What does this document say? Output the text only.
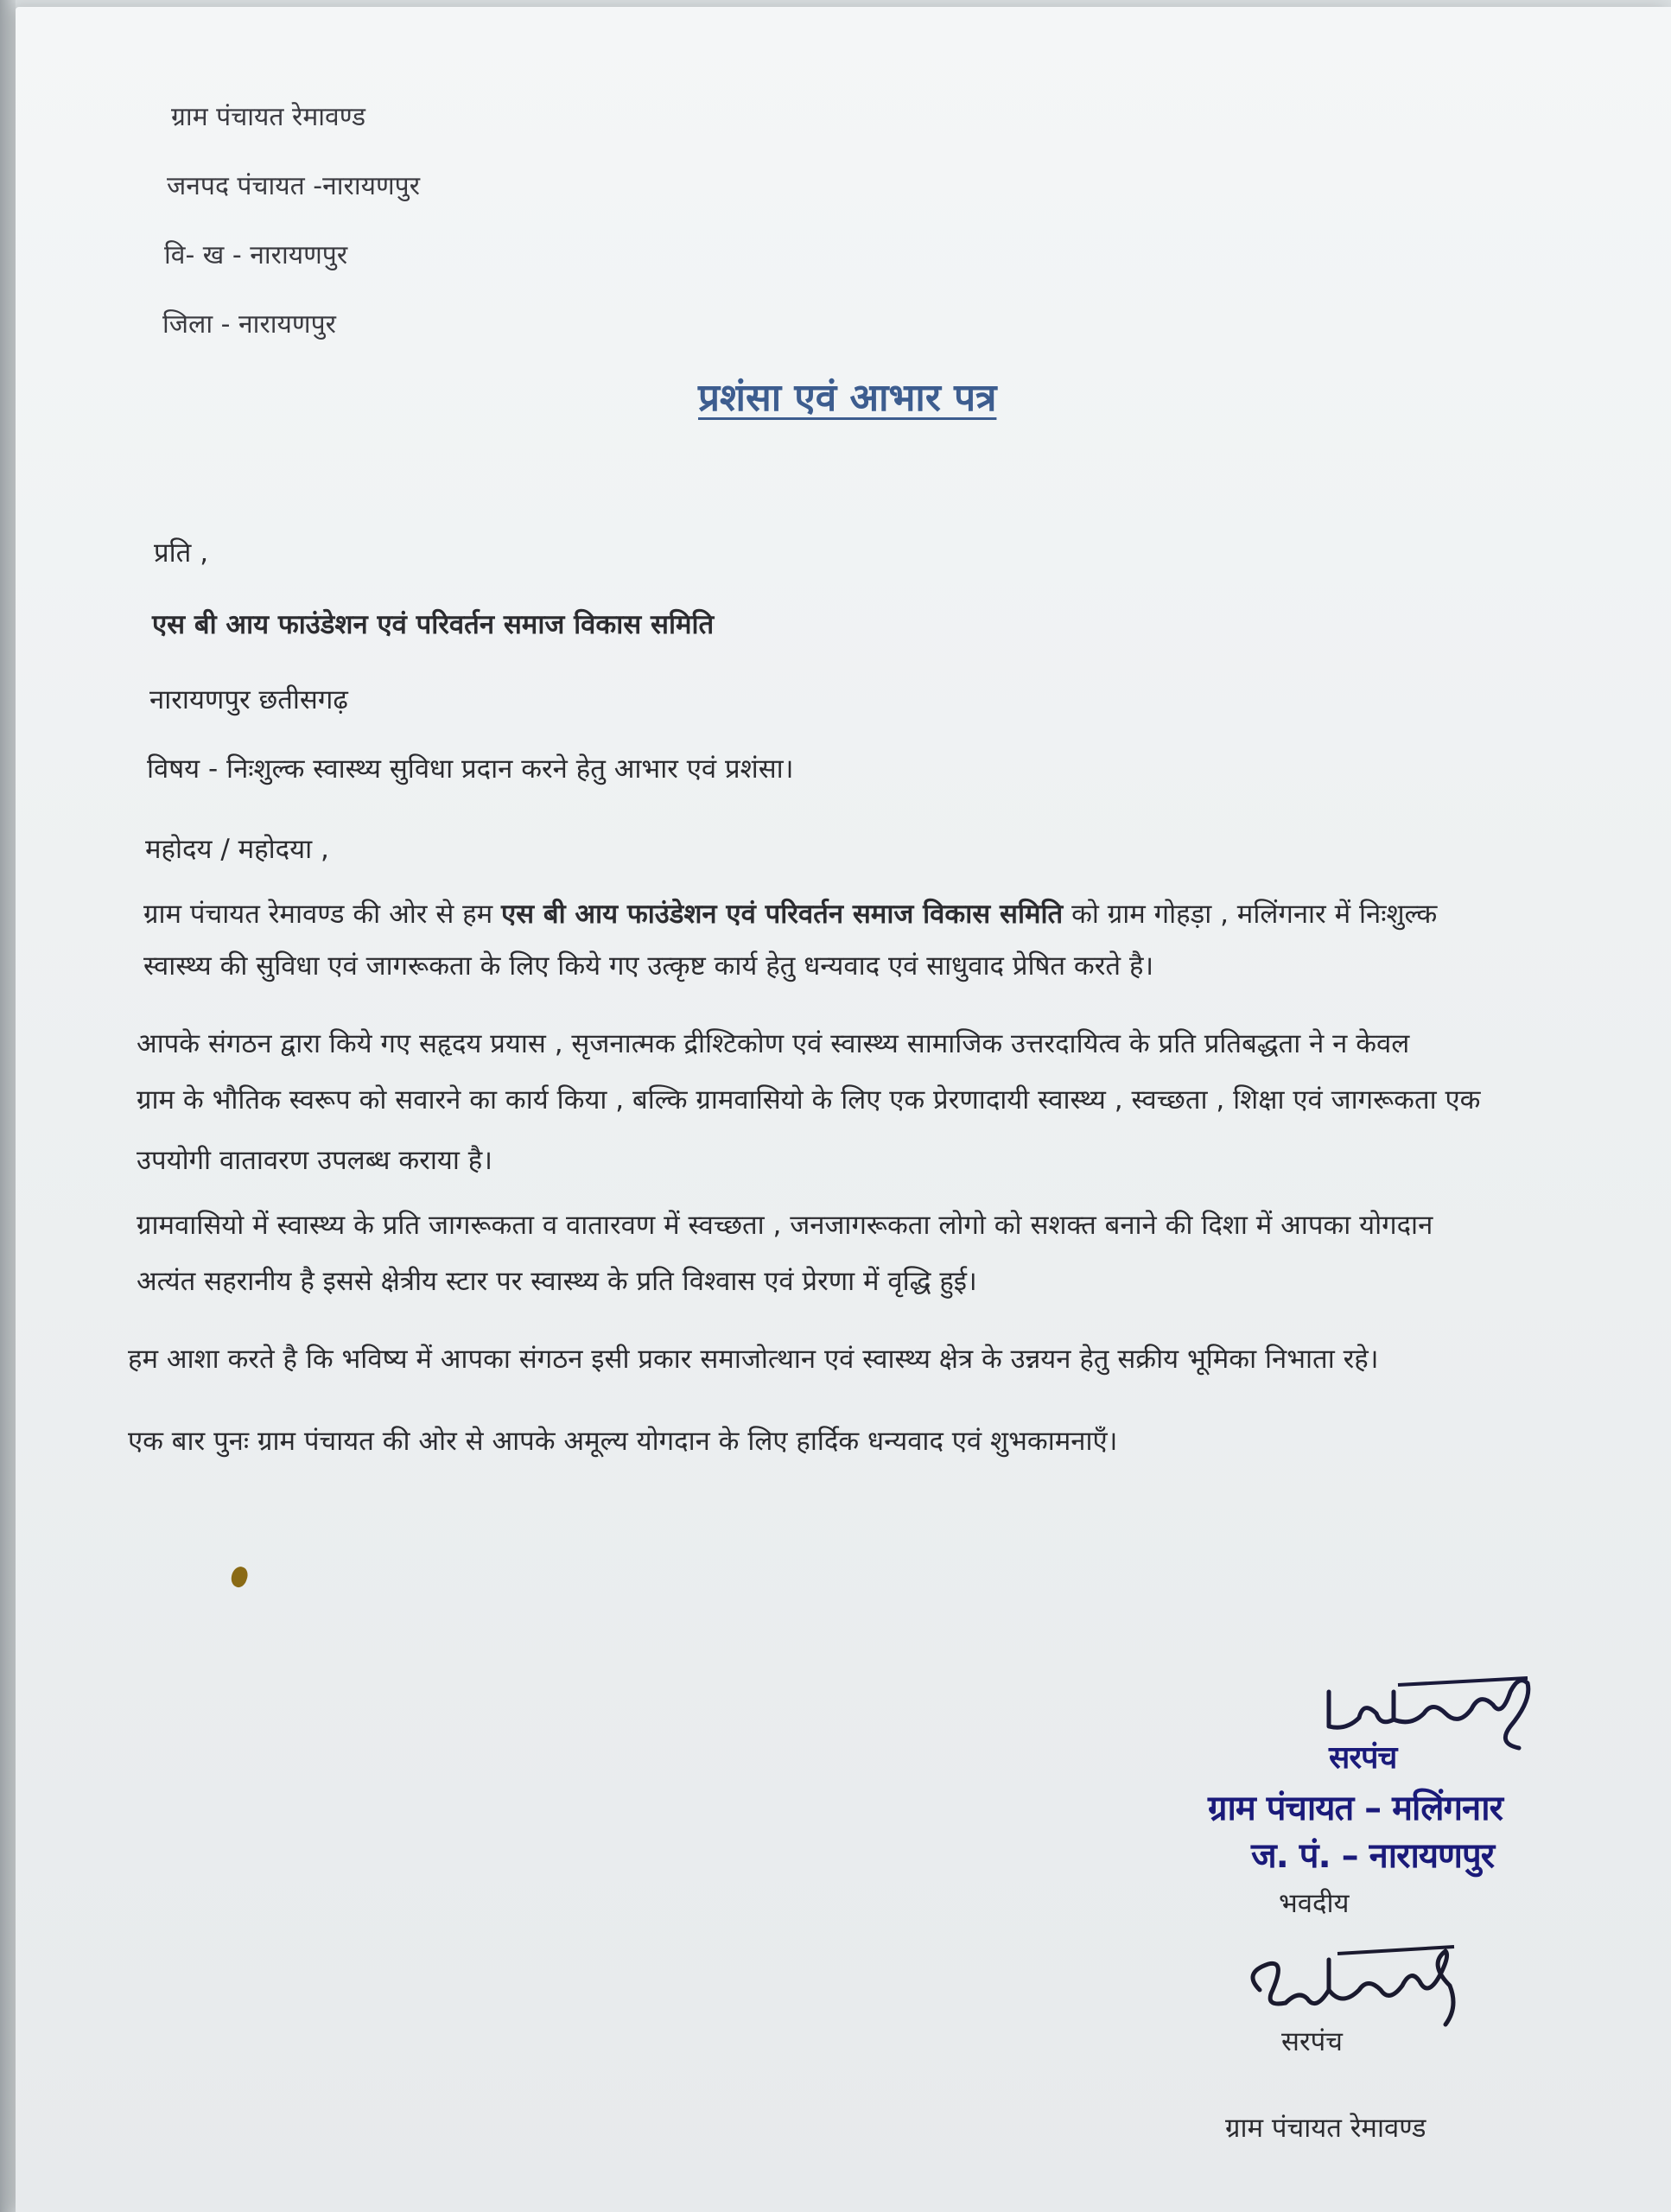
ग्राम पंचायत रेमावण्ड
जनपद पंचायत -नारायणपुर
वि- ख - नारायणपुर
जिला - नारायणपुर
प्रशंसा एवं आभार पत्र
प्रति ,
एस बी आय फाउंडेशन एवं परिवर्तन समाज विकास समिति
नारायणपुर छतीसगढ़
विषय - निःशुल्क स्वास्थ्य सुविधा प्रदान करने हेतु आभार एवं प्रशंसा।
महोदय / महोदया ,
ग्राम पंचायत रेमावण्ड की ओर से हम एस बी आय फाउंडेशन एवं परिवर्तन समाज विकास समिति को ग्राम गोहड़ा , मलिंगनार में निःशुल्क
स्वास्थ्य की सुविधा एवं जागरूकता के लिए किये गए उत्कृष्ट कार्य हेतु धन्यवाद एवं साधुवाद प्रेषित करते है।
आपके संगठन द्वारा किये गए सहृदय प्रयास , सृजनात्मक द्रीश्टिकोण एवं स्वास्थ्य सामाजिक उत्तरदायित्व के प्रति प्रतिबद्धता ने न केवल
ग्राम के भौतिक स्वरूप को सवारने का कार्य किया , बल्कि ग्रामवासियो के लिए एक प्रेरणादायी स्वास्थ्य , स्वच्छता , शिक्षा एवं जागरूकता एक
उपयोगी वातावरण उपलब्ध कराया है।
ग्रामवासियो में स्वास्थ्य के प्रति जागरूकता व वातारवण में स्वच्छता , जनजागरूकता लोगो को सशक्त बनाने की दिशा में आपका योगदान
अत्यंत सहरानीय है इससे क्षेत्रीय स्टार पर स्वास्थ्य के प्रति विश्वास एवं प्रेरणा में वृद्धि हुई।
हम आशा करते है कि भविष्य में आपका संगठन इसी प्रकार समाजोत्थान एवं स्वास्थ्य क्षेत्र के उन्नयन हेतु सक्रीय भूमिका निभाता रहे।
एक बार पुनः ग्राम पंचायत की ओर से आपके अमूल्य योगदान के लिए हार्दिक धन्यवाद एवं शुभकामनाएँ।
सरपंच
ग्राम पंचायत – मलिंगनार
ज. पं. – नारायणपुर
भवदीय
सरपंच
ग्राम पंचायत रेमावण्ड
